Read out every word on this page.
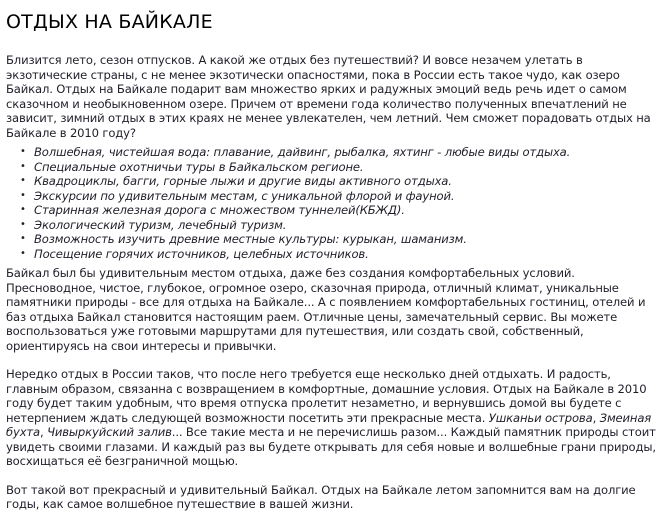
ОТДЫХ НА БАЙКАЛЕ

Близится лето, сезон отпусков. А какой же отдых без путешествий? И вовсе незачем улетать в экзотические страны, с не менее экзотически опасностями, пока в России есть такое чудо, как озеро Байкал. Отдых на Байкале подарит вам множество ярких и радужных эмоций ведь речь идет о самом сказочном и необыкновенном озере. Причем от времени года количество полученных впечатлений не зависит, зимний отдых в этих краях не менее увлекателен, чем летний. Чем сможет порадовать отдых на Байкале в 2010 году?

• Волшебная, чистейшая вода: плавание, дайвинг, рыбалка, яхтинг - любые виды отдыха.
• Специальные охотничьи туры в Байкальском регионе.
• Квадроциклы, багги, горные лыжи и другие виды активного отдыха.
• Экскурсии по удивительным местам, с уникальной флорой и фауной.
• Старинная железная дорога с множеством туннелей(КБЖД).
• Экологический туризм, лечебный туризм.
• Возможность изучить древние местные культуры: курыкан, шаманизм.
• Посещение горячих источников, целебных источников.

Байкал был бы удивительным местом отдыха, даже без создания комфортабельных условий. Пресноводное, чистое, глубокое, огромное озеро, сказочная природа, отличный климат, уникальные памятники природы - все для отдыха на Байкале... А с появлением комфортабельных гостиниц, отелей и баз отдыха Байкал становится настоящим раем. Отличные цены, замечательный сервис. Вы можете воспользоваться уже готовыми маршрутами для путешествия, или создать свой, собственный, ориентируясь на свои интересы и привычки.

Нередко отдых в России таков, что после него требуется еще несколько дней отдыхать. И радость, главным образом, связанна с возвращением в комфортные, домашние условия. Отдых на Байкале в 2010 году будет таким удобным, что время отпуска пролетит незаметно, и вернувшись домой вы будете с нетерпением ждать следующей возможности посетить эти прекрасные места. Ушканьи острова, Змеиная бухта, Чивыркуйский залив... Все такие места и не перечислишь разом... Каждый памятник природы стоит увидеть своими глазами. И каждый раз вы будете открывать для себя новые и волшебные грани природы, восхищаться её безграничной мощью.

Вот такой вот прекрасный и удивительный Байкал. Отдых на Байкале летом запомнится вам на долгие годы, как самое волшебное путешествие в вашей жизни.
